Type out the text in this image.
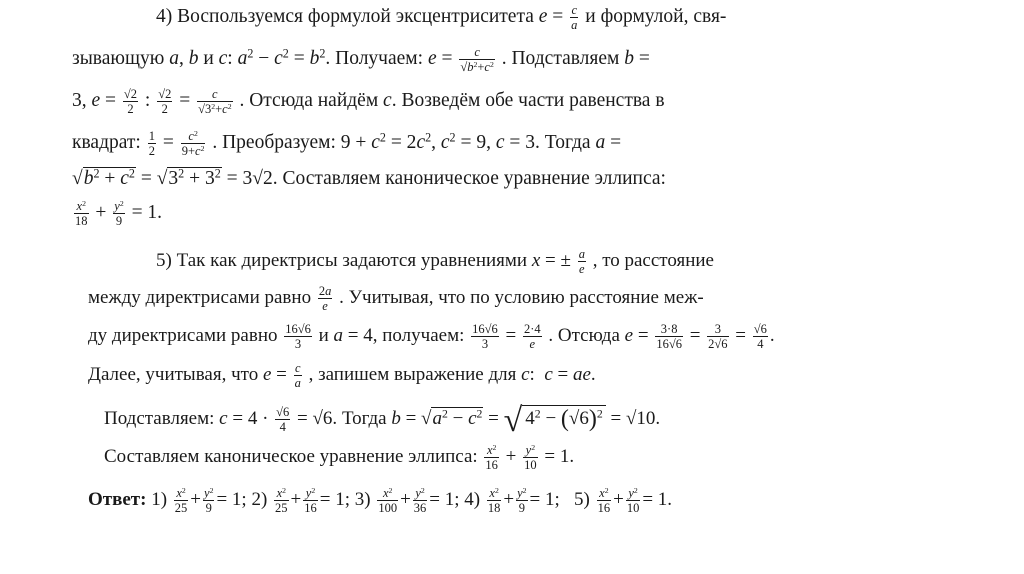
4) Воспользуемся формулой эксцентриситета $e = \frac{c}{a}$ и формулой, свя-
зывающую a, b и c: $a^2 - c^2 = b^2$. Получаем: $e = \frac{c}{√b^2+c^2}$ . Подставляем b =
3, $e = \frac{√2}{2}$ : $\frac{√2}{2} = \frac{c}{√3^2+c^2}$ . Отсюда найдём c. Возведём обе части равенства в
квадрат: $\frac{1}{2} = \frac{c^2}{9+c^2}$ . Преобразуем: $9 + c^2 = 2c^2$, $c^2 = 9$, c = 3. Тогда a =
$√b^2 + c^2 = √3^2 + 3^2 = 3√2$. Составляем каноническое уравнение эллипса:
$\frac{x^2}{18} + \frac{y^2}{9} = 1$.
5) Так как директрисы задаются уравнениями x = ± $\frac{a}{e}$ , то расстояние
между директрисами равно $\frac{2a}{e}$ . Учитывая, что по условию расстояние меж-
ду директрисами равно $\frac{16√6}{3}$ и a = 4, получаем: $\frac{16√6}{3} = \frac{2\cdot 4}{e}$ . Отсюда $e = \frac{3\cdot 8}{16√6} = \frac{3}{2√6} = \frac{√6}{4}$ .
Далее, учитывая, что $e = \frac{c}{a}$ , запишем выражение для c:  c = ae.
Подставляем: $c = 4 \cdot \frac{√6}{4} = √6$. Тогда $b = √a^2 - c^2$ = √ $4^2 - (√6)^2 = √10$.
Составляем каноническое уравнение эллипса: $\frac{x^2}{16} + \frac{y^2}{10} = 1$.
Ответ: $1) \frac{x^2}{25} + \frac{y^2}{9} = 1$; $2) \frac{x^2}{25} + \frac{y^2}{16} = 1$; $3) \frac{x^2}{100} + \frac{y^2}{36} = 1$; $4) \frac{x^2}{18} + \frac{y^2}{9} = 1$;   $5) \frac{x^2}{16} + \frac{y^2}{10} = 1$.
